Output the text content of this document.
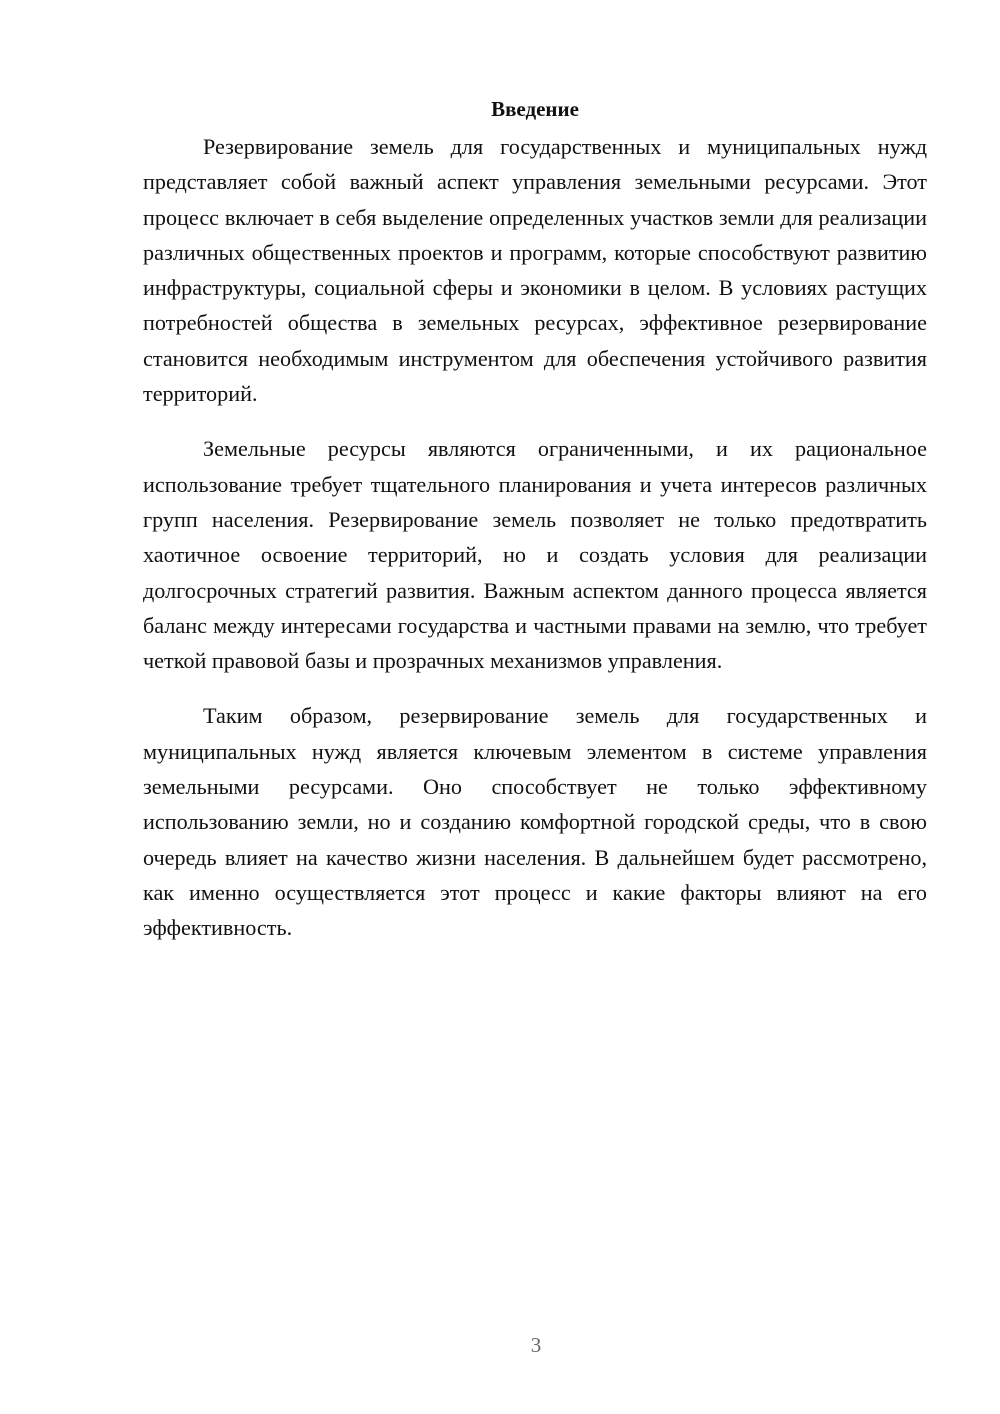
Введение

Резервирование земель для государственных и муниципальных нужд представляет собой важный аспект управления земельными ресурсами. Этот процесс включает в себя выделение определенных участков земли для реализации различных общественных проектов и программ, которые способствуют развитию инфраструктуры, социальной сферы и экономики в целом. В условиях растущих потребностей общества в земельных ресурсах, эффективное резервирование становится необходимым инструментом для обеспечения устойчивого развития территорий.

Земельные ресурсы являются ограниченными, и их рациональное использование требует тщательного планирования и учета интересов различных групп населения. Резервирование земель позволяет не только предотвратить хаотичное освоение территорий, но и создать условия для реализации долгосрочных стратегий развития. Важным аспектом данного процесса является баланс между интересами государства и частными правами на землю, что требует четкой правовой базы и прозрачных механизмов управления.

Таким образом, резервирование земель для государственных и муниципальных нужд является ключевым элементом в системе управления земельными ресурсами. Оно способствует не только эффективному использованию земли, но и созданию комфортной городской среды, что в свою очередь влияет на качество жизни населения. В дальнейшем будет рассмотрено, как именно осуществляется этот процесс и какие факторы влияют на его эффективность.

3
